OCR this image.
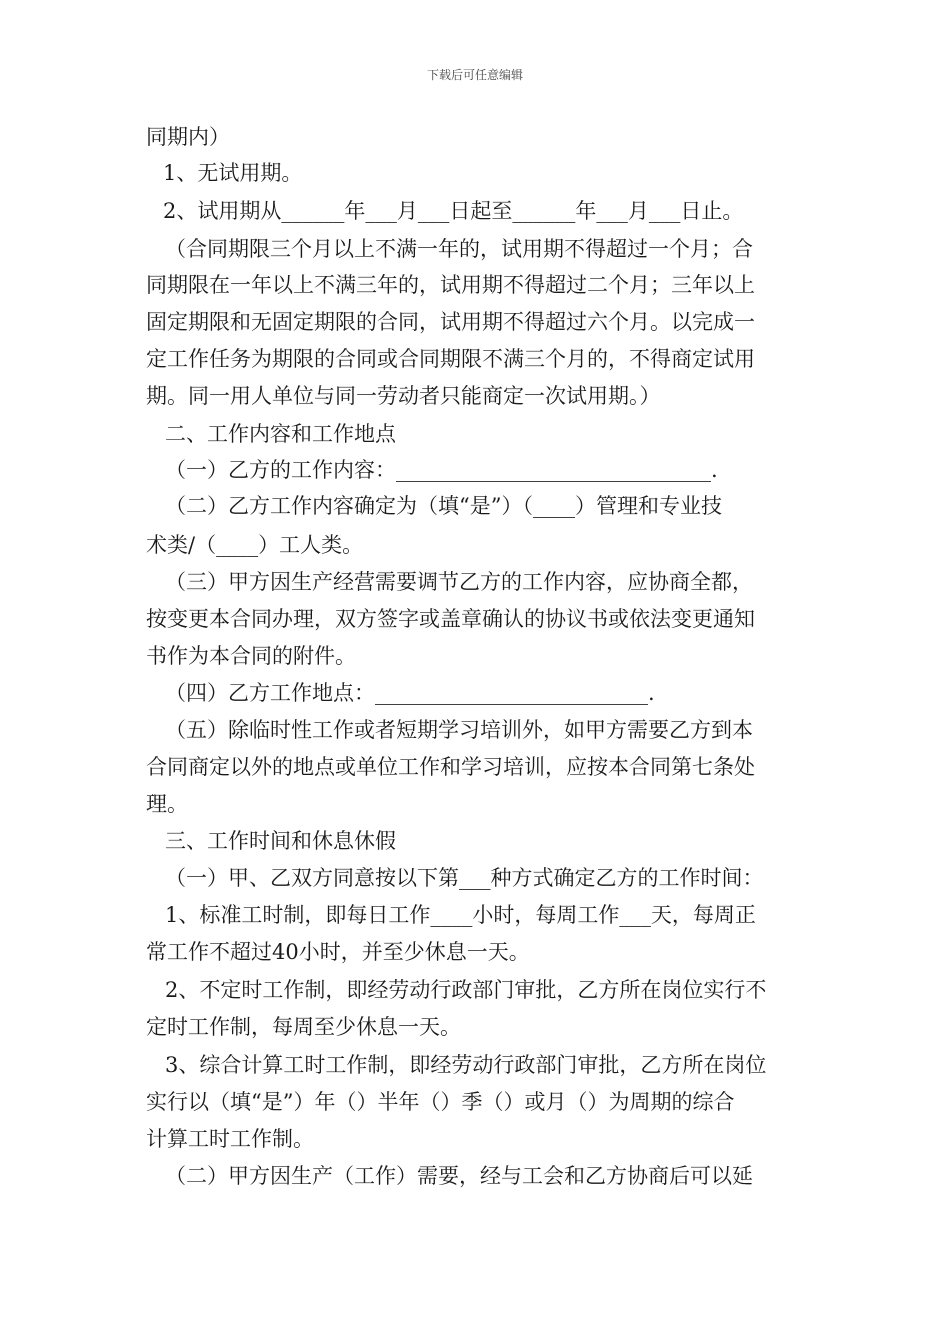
下载后可任意编辑
同期内）
1、无试用期。
2、试用期从______年___月___日起至______年___月___日止。
（合同期限三个月以上不满一年的，试用期不得超过一个月；合
同期限在一年以上不满三年的，试用期不得超过二个月；三年以上
固定期限和无固定期限的合同，试用期不得超过六个月。以完成一
定工作任务为期限的合同或合同期限不满三个月的，不得商定试用
期。同一用人单位与同一劳动者只能商定一次试用期。）
二、工作内容和工作地点
（一）乙方的工作内容：______________________________.
（二）乙方工作内容确定为（填“是”）（____）管理和专业技
术类/（____）工人类。
（三）甲方因生产经营需要调节乙方的工作内容，应协商全都，
按变更本合同办理，双方签字或盖章确认的协议书或依法变更通知
书作为本合同的附件。
（四）乙方工作地点：__________________________.
（五）除临时性工作或者短期学习培训外，如甲方需要乙方到本
合同商定以外的地点或单位工作和学习培训，应按本合同第七条处
理。
三、工作时间和休息休假
（一）甲、乙双方同意按以下第___种方式确定乙方的工作时间：
1、标准工时制，即每日工作____小时，每周工作___天，每周正
常工作不超过40小时，并至少休息一天。
2、不定时工作制，即经劳动行政部门审批，乙方所在岗位实行不
定时工作制，每周至少休息一天。
3、综合计算工时工作制，即经劳动行政部门审批，乙方所在岗位
实行以（填“是”）年（）半年（）季（）或月（）为周期的综合
计算工时工作制。
（二）甲方因生产（工作）需要，经与工会和乙方协商后可以延
